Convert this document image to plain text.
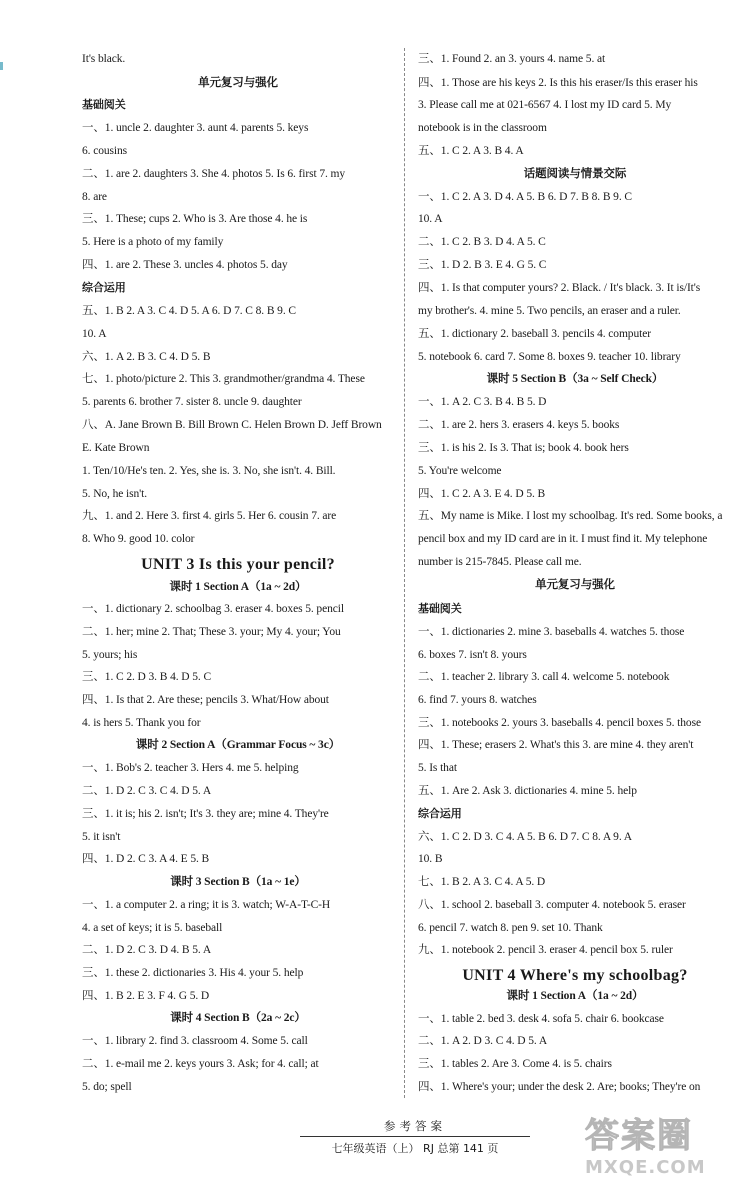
It's black.
单元复习与强化
基础阅关
一、1. uncle 2. daughter 3. aunt 4. parents 5. keys
6. cousins
二、1. are 2. daughters 3. She 4. photos 5. Is 6. first 7. my
8. are
三、1. These; cups 2. Who is 3. Are those 4. he is
5. Here is a photo of my family
四、1. are 2. These 3. uncles 4. photos 5. day
综合运用
五、1. B 2. A 3. C 4. D 5. A 6. D 7. C 8. B 9. C
10. A
六、1. A 2. B 3. C 4. D 5. B
七、1. photo/picture 2. This 3. grandmother/grandma 4. These
5. parents 6. brother 7. sister 8. uncle 9. daughter
八、A. Jane Brown B. Bill Brown C. Helen Brown D. Jeff Brown
E. Kate Brown
1. Ten/10/He's ten. 2. Yes, she is. 3. No, she isn't. 4. Bill.
5. No, he isn't.
九、1. and 2. Here 3. first 4. girls 5. Her 6. cousin 7. are
8. Who 9. good 10. color
UNIT 3 Is this your pencil?
课时 1 Section A（1a ~ 2d）
一、1. dictionary 2. schoolbag 3. eraser 4. boxes 5. pencil
二、1. her; mine 2. That; These 3. your; My 4. your; You
5. yours; his
三、1. C 2. D 3. B 4. D 5. C
四、1. Is that 2. Are these; pencils 3. What/How about
4. is hers 5. Thank you for
课时 2 Section A（Grammar Focus ~ 3c）
一、1. Bob's 2. teacher 3. Hers 4. me 5. helping
二、1. D 2. C 3. C 4. D 5. A
三、1. it is; his 2. isn't; It's 3. they are; mine 4. They're
5. it isn't
四、1. D 2. C 3. A 4. E 5. B
课时 3 Section B（1a ~ 1e）
一、1. a computer 2. a ring; it is 3. watch; W-A-T-C-H
4. a set of keys; it is 5. baseball
二、1. D 2. C 3. D 4. B 5. A
三、1. these 2. dictionaries 3. His 4. your 5. help
四、1. B 2. E 3. F 4. G 5. D
课时 4 Section B（2a ~ 2c）
一、1. library 2. find 3. classroom 4. Some 5. call
二、1. e-mail me 2. keys yours 3. Ask; for 4. call; at
5. do; spell
三、1. Found 2. an 3. yours 4. name 5. at
四、1. Those are his keys 2. Is this his eraser/Is this eraser his
3. Please call me at 021-6567 4. I lost my ID card 5. My
notebook is in the classroom
五、1. C 2. A 3. B 4. A
话题阅读与情景交际
一、1. C 2. A 3. D 4. A 5. B 6. D 7. B 8. B 9. C
10. A
二、1. C 2. B 3. D 4. A 5. C
三、1. D 2. B 3. E 4. G 5. C
四、1. Is that computer yours? 2. Black. / It's black. 3. It is/It's
my brother's. 4. mine 5. Two pencils, an eraser and a ruler.
五、1. dictionary 2. baseball 3. pencils 4. computer
5. notebook 6. card 7. Some 8. boxes 9. teacher 10. library
课时 5 Section B（3a ~ Self Check）
一、1. A 2. C 3. B 4. B 5. D
二、1. are 2. hers 3. erasers 4. keys 5. books
三、1. is his 2. Is 3. That is; book 4. book hers
5. You're welcome
四、1. C 2. A 3. E 4. D 5. B
五、My name is Mike. I lost my schoolbag. It's red. Some books, a
pencil box and my ID card are in it. I must find it. My telephone
number is 215-7845. Please call me.
单元复习与强化
基础阅关
一、1. dictionaries 2. mine 3. baseballs 4. watches 5. those
6. boxes 7. isn't 8. yours
二、1. teacher 2. library 3. call 4. welcome 5. notebook
6. find 7. yours 8. watches
三、1. notebooks 2. yours 3. baseballs 4. pencil boxes 5. those
四、1. These; erasers 2. What's this 3. are mine 4. they aren't
5. Is that
五、1. Are 2. Ask 3. dictionaries 4. mine 5. help
综合运用
六、1. C 2. D 3. C 4. A 5. B 6. D 7. C 8. A 9. A
10. B
七、1. B 2. A 3. C 4. A 5. D
八、1. school 2. baseball 3. computer 4. notebook 5. eraser
6. pencil 7. watch 8. pen 9. set 10. Thank
九、1. notebook 2. pencil 3. eraser 4. pencil box 5. ruler
UNIT 4 Where's my schoolbag?
课时 1 Section A（1a ~ 2d）
一、1. table 2. bed 3. desk 4. sofa 5. chair 6. bookcase
二、1. A 2. D 3. C 4. D 5. A
三、1. tables 2. Are 3. Come 4. is 5. chairs
四、1. Where's your; under the desk 2. Are; books; They're on
参考答案
七年级英语（上） RJ 总第 141 页	答案圈
MXQE.COM
